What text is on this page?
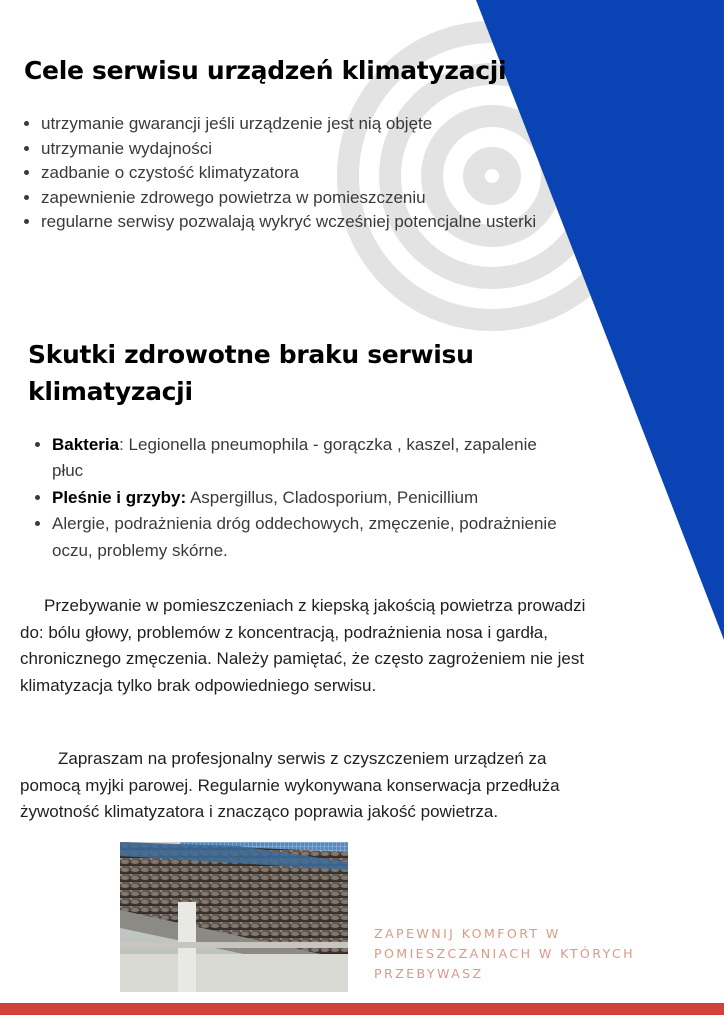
Cele serwisu urządzeń klimatyzacji
• utrzymanie gwarancji jeśli urządzenie jest nią objęte
• utrzymanie wydajności
• zadbanie o czystość klimatyzatora
• zapewnienie zdrowego powietrza w pomieszczeniu
• regularne serwisy pozwalają wykryć wcześniej potencjalne usterki
Skutki zdrowotne braku serwisu klimatyzacji
• Bakteria: Legionella pneumophila - gorączka , kaszel, zapalenie płuc
• Pleśnie i grzyby: Aspergillus, Cladosporium, Penicillium
• Alergie, podrażnienia dróg oddechowych, zmęczenie, podrażnienie oczu, problemy skórne.

Przebywanie w pomieszczeniach z kiepską jakością powietrza prowadzi do: bólu głowy, problemów z koncentracją, podrażnienia nosa i gardła, chronicznego zmęczenia. Należy pamiętać, że często zagrożeniem nie jest klimatyzacja tylko brak odpowiedniego serwisu.

Zapraszam na profesjonalny serwis z czyszczeniem urządzeń za pomocą myjki parowej. Regularnie wykonywana konserwacja przedłuża żywotność klimatyzatora i znacząco poprawia jakość powietrza.

ZAPEWNIJ KOMFORT W POMIESZCZANIACH W KTÓRYCH PRZEBYWASZ
